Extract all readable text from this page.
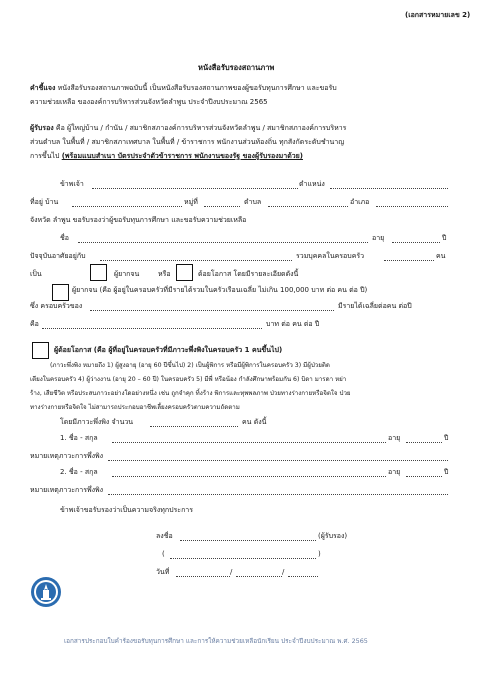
(เอกสารหมายเลข 2)
หนังสือรับรองสถานภาพ
คำชี้แจง หนังสือรับรองสถานภาพฉบับนี้ เป็นหนังสือรับรองสถานภาพของผู้ขอรับทุนการศึกษา และขอรับ
ความช่วยเหลือ ขององค์การบริหารส่วนจังหวัดลำพูน ประจำปีงบประมาณ 2565
ผู้รับรอง คือ ผู้ใหญ่บ้าน / กำนัน / สมาชิกสภาองค์การบริหารส่วนจังหวัดลำพูน / สมาชิกสภาองค์การบริหาร
ส่วนตำบล ในพื้นที่ / สมาชิกสภาเทศบาล ในพื้นที่ / ข้าราชการ พนักงานส่วนท้องถิ่น ทุกสังกัดระดับชำนาญ
การขึ้นไป (พร้อมแนบสำเนา บัตรประจำตัวข้าราชการ พนักงานของรัฐ ของผู้รับรองมาด้วย)
ข้าพเจ้า	ตำแหน่ง
ที่อยู่ บ้าน	หมู่ที่	ตำบล	อำเภอ
จังหวัด ลำพูน ขอรับรองว่าผู้ขอรับทุนการศึกษา และขอรับความช่วยเหลือ
ชื่อ	อายุ	ปี
ปัจจุบันอาศัยอยู่กับ	รวมบุคคลในครอบครัว	คน
เป็น	ผู้ยากจน	หรือ	ด้อยโอกาส โดยมีรายละเอียดดังนี้
ผู้ยากจน (คือ ผู้อยู่ในครอบครัวที่มีรายได้รวมในครัวเรือนเฉลี่ย ไม่เกิน 100,000 บาท ต่อ คน ต่อ ปี)
ซึ่ง ครอบครัวของ	มีรายได้เฉลี่ยต่อคน ต่อปี
คือ	บาท ต่อ คน ต่อ ปี
ผู้ด้อยโอกาส (คือ ผู้ที่อยู่ในครอบครัวที่มีภาวะพึ่งพิงในครอบครัว 1 คนขึ้นไป)
(ภาวะพึ่งพิง หมายถึง 1) ผู้สูงอายุ (อายุ 60 ปีขึ้นไป) 2) เป็นผู้พิการ หรือมีผู้พิการในครอบครัว 3) มีผู้ป่วยติด
เตียงในครอบครัว 4) ผู้ว่างงาน (อายุ 20 – 60 ปี) ในครอบครัว 5) มีพี่ หรือน้อง กำลังศึกษาพร้อมกัน 6) บิดา มารดา หย่า
ร้าง, เสียชีวิต หรือประสบภาวะอย่างใดอย่างหนึ่ง เช่น ถูกจำคุก ทิ้งร้าง พิการและทุพพลภาพ ป่วยทางร่างกายหรือจิตใจ ป่วย
ทางร่างกายหรือจิตใจ ไม่สามารถประกอบอาชีพเลี้ยงครอบครัวตามความถัดตาม
โดยมีภาวะพึ่งพิง จำนวน	คน ดังนี้
1. ชื่อ - สกุล	อายุ	ปี
หมายเหตุภาวะการพึ่งพิง
2. ชื่อ - สกุล	อายุ	ปี
หมายเหตุภาวะการพึ่งพิง
ข้าพเจ้าขอรับรองว่าเป็นความจริงทุกประการ
ลงชื่อ	(ผู้รับรอง)
(	)
วันที่	/	/
เอกสารประกอบใบคำร้องขอรับทุนการศึกษา และการให้ความช่วยเหลือนักเรียน ประจำปีงบประมาณ พ.ศ. 2565
